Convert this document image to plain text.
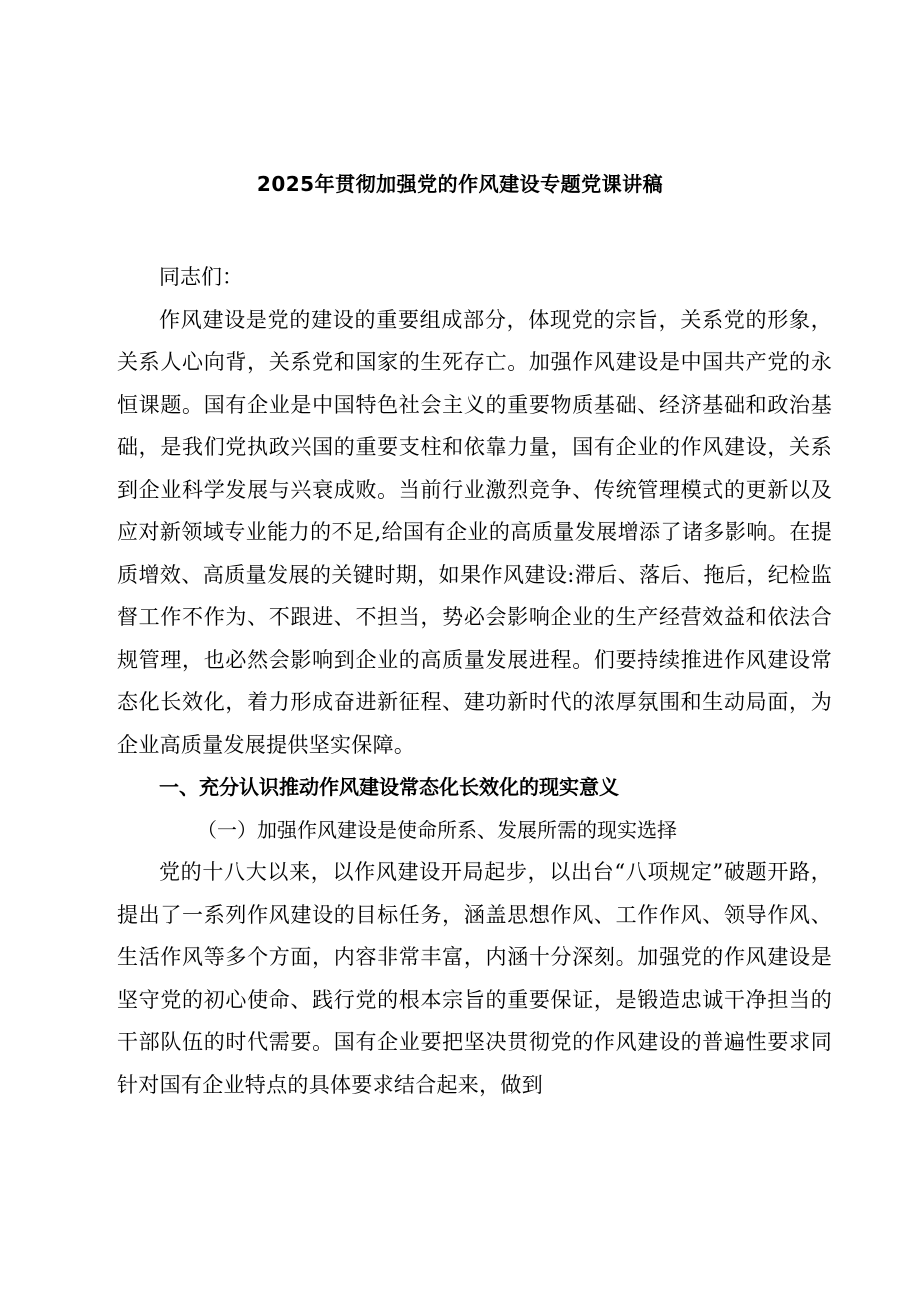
2025年贯彻加强党的作风建设专题党课讲稿

同志们：

作风建设是党的建设的重要组成部分，体现党的宗旨，关系党的形象，关系人心向背，关系党和国家的生死存亡。加强作风建设是中国共产党的永恒课题。国有企业是中国特色社会主义的重要物质基础、经济基础和政治基础，是我们党执政兴国的重要支柱和依靠力量，国有企业的作风建设，关系到企业科学发展与兴衰成败。当前行业激烈竞争、传统管理模式的更新以及应对新领域专业能力的不足,给国有企业的高质量发展增添了诸多影响。在提质增效、高质量发展的关键时期，如果作风建设:滞后、落后、拖后，纪检监督工作不作为、不跟进、不担当，势必会影响企业的生产经营效益和依法合规管理，也必然会影响到企业的高质量发展进程。们要持续推进作风建设常态化长效化，着力形成奋进新征程、建功新时代的浓厚氛围和生动局面，为企业高质量发展提供坚实保障。

一、充分认识推动作风建设常态化长效化的现实意义

（一）加强作风建设是使命所系、发展所需的现实选择

党的十八大以来，以作风建设开局起步，以出台“八项规定”破题开路，提出了一系列作风建设的目标任务，涵盖思想作风、工作作风、领导作风、生活作风等多个方面，内容非常丰富，内涵十分深刻。加强党的作风建设是坚守党的初心使命、践行党的根本宗旨的重要保证，是锻造忠诚干净担当的干部队伍的时代需要。国有企业要把坚决贯彻党的作风建设的普遍性要求同针对国有企业特点的具体要求结合起来，做到
